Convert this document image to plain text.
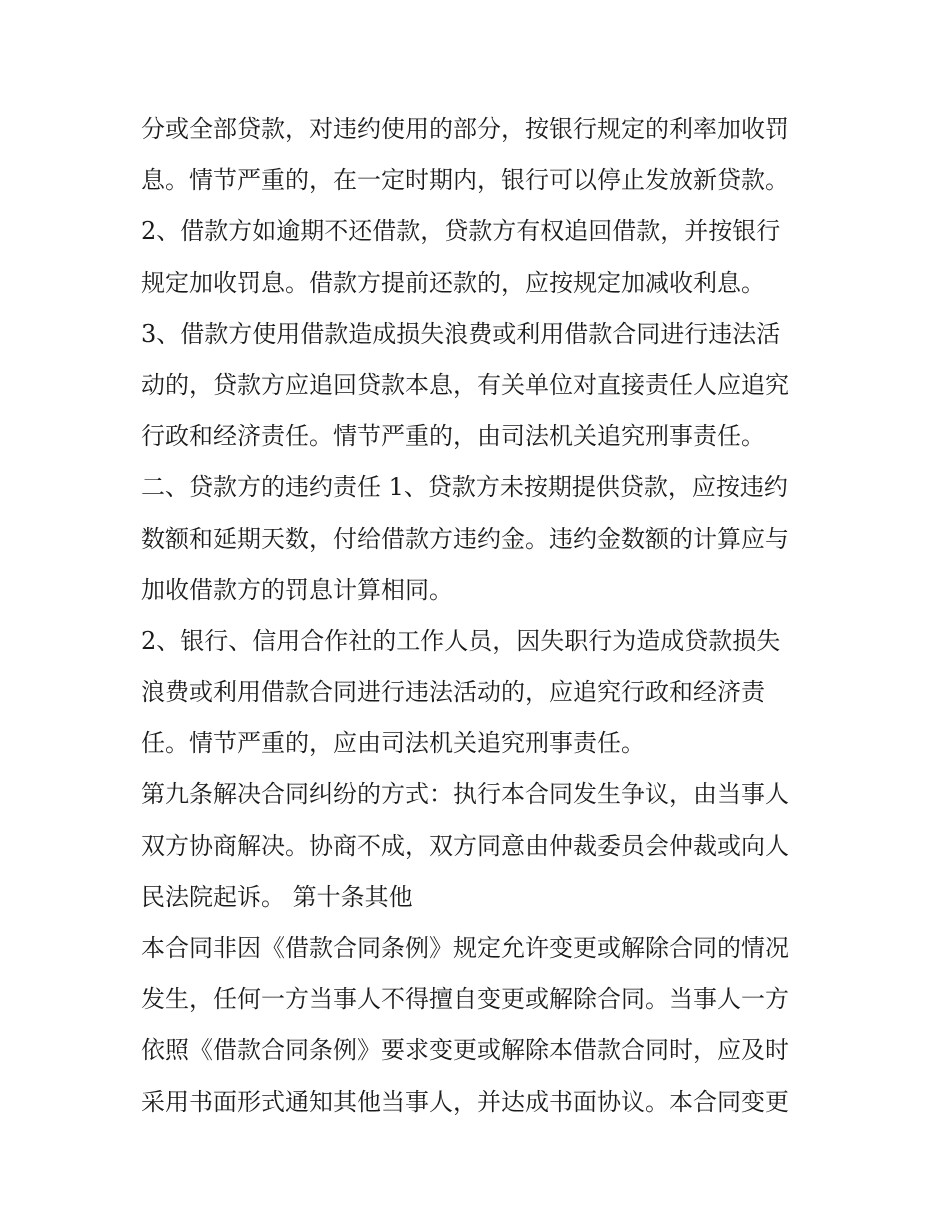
分或全部贷款，对违约使用的部分，按银行规定的利率加收罚
息。情节严重的，在一定时期内，银行可以停止发放新贷款。
2、借款方如逾期不还借款，贷款方有权追回借款，并按银行
规定加收罚息。借款方提前还款的，应按规定加减收利息。
3、借款方使用借款造成损失浪费或利用借款合同进行违法活
动的，贷款方应追回贷款本息，有关单位对直接责任人应追究
行政和经济责任。情节严重的，由司法机关追究刑事责任。
二、贷款方的违约责任 1、贷款方未按期提供贷款，应按违约
数额和延期天数，付给借款方违约金。违约金数额的计算应与
加收借款方的罚息计算相同。
2、银行、信用合作社的工作人员，因失职行为造成贷款损失
浪费或利用借款合同进行违法活动的，应追究行政和经济责
任。情节严重的，应由司法机关追究刑事责任。
第九条解决合同纠纷的方式：执行本合同发生争议，由当事人
双方协商解决。协商不成，双方同意由仲裁委员会仲裁或向人
民法院起诉。 第十条其他
本合同非因《借款合同条例》规定允许变更或解除合同的情况
发生，任何一方当事人不得擅自变更或解除合同。当事人一方
依照《借款合同条例》要求变更或解除本借款合同时，应及时
采用书面形式通知其他当事人，并达成书面协议。本合同变更
